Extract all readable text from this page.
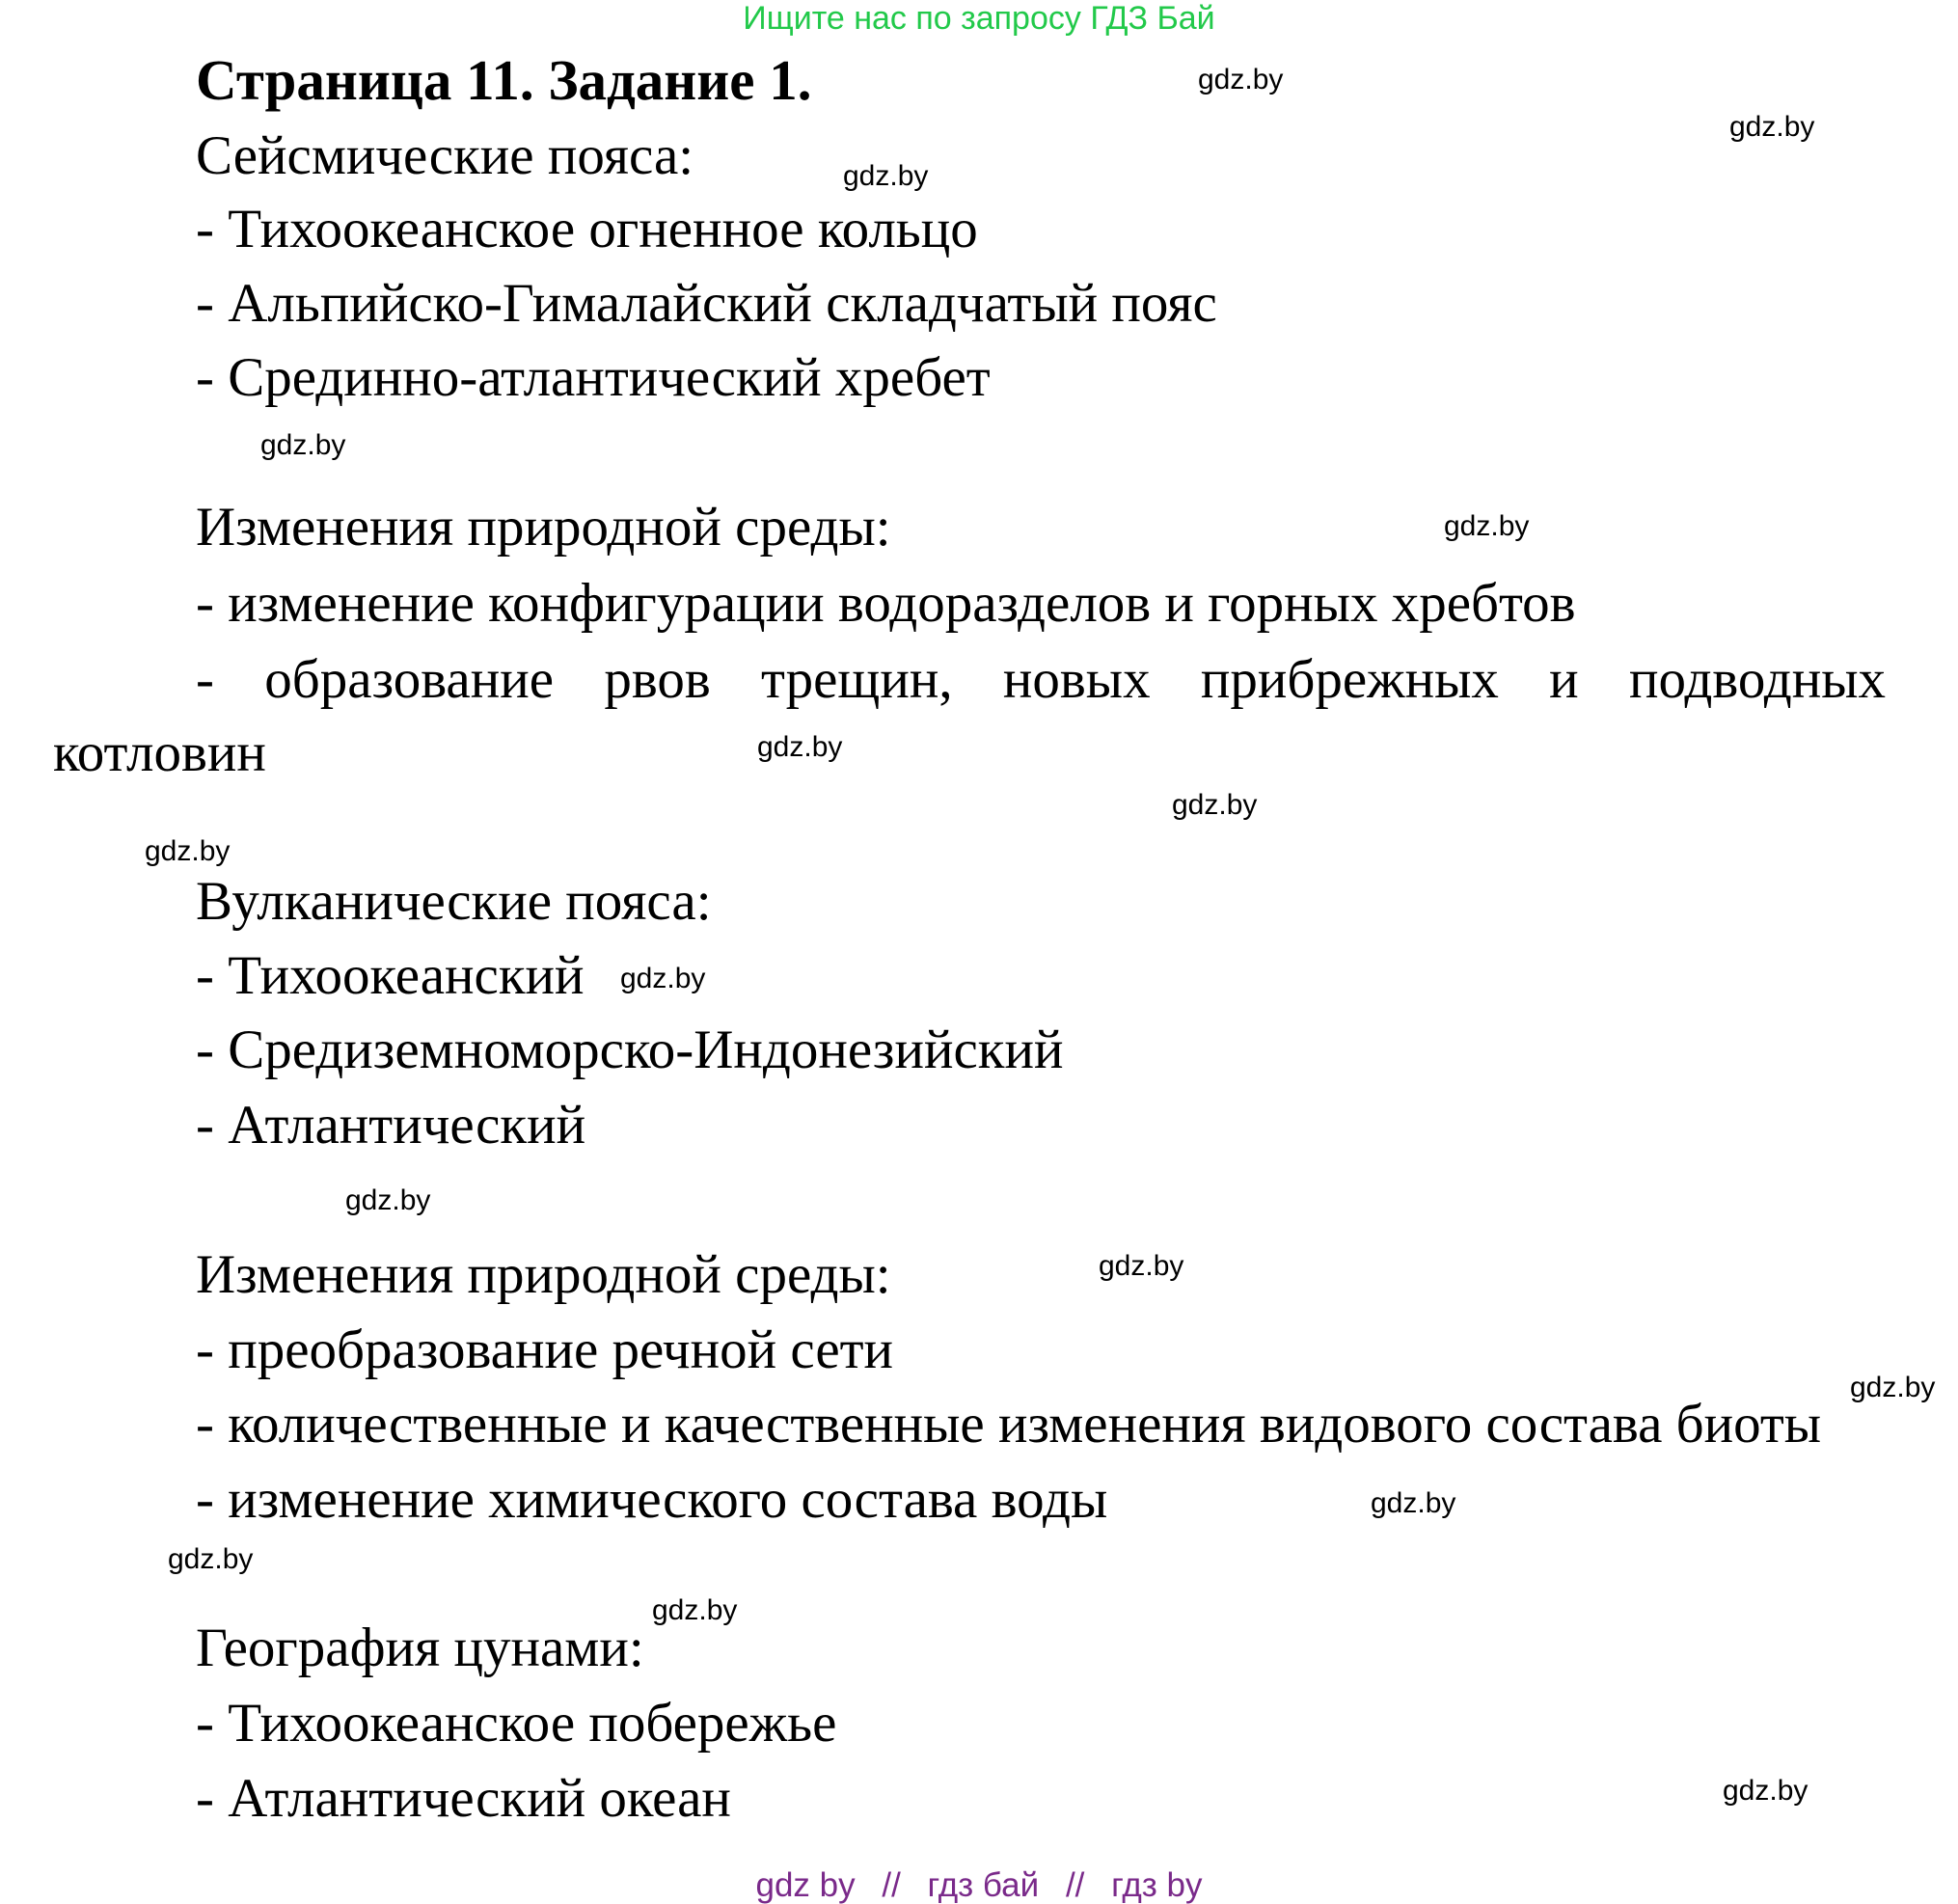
Ищите нас по запросу ГДЗ Бай
Страница 11. Задание 1.
Сейсмические пояса:
- Тихоокеанское огненное кольцо
- Альпийско-Гималайский складчатый пояс
- Срединно-атлантический хребет
Изменения природной среды:
- изменение конфигурации водоразделов и горных хребтов
- образование рвов трещин, новых прибрежных и подводных
котловин
Вулканические пояса:
- Тихоокеанский
- Средиземноморско-Индонезийский
- Атлантический
Изменения природной среды:
- преобразование речной сети
- количественные и качественные изменения видового состава биоты
- изменение химического состава воды
География цунами:
- Тихоокеанское побережье
- Атлантический океан
gdz.by
gdz.by
gdz.by
gdz.by
gdz.by
gdz.by
gdz.by
gdz.by
gdz.by
gdz.by
gdz.by
gdz.by
gdz.by
gdz.by
gdz.by
gdz.by
gdz by // гдз бай // гдз by
